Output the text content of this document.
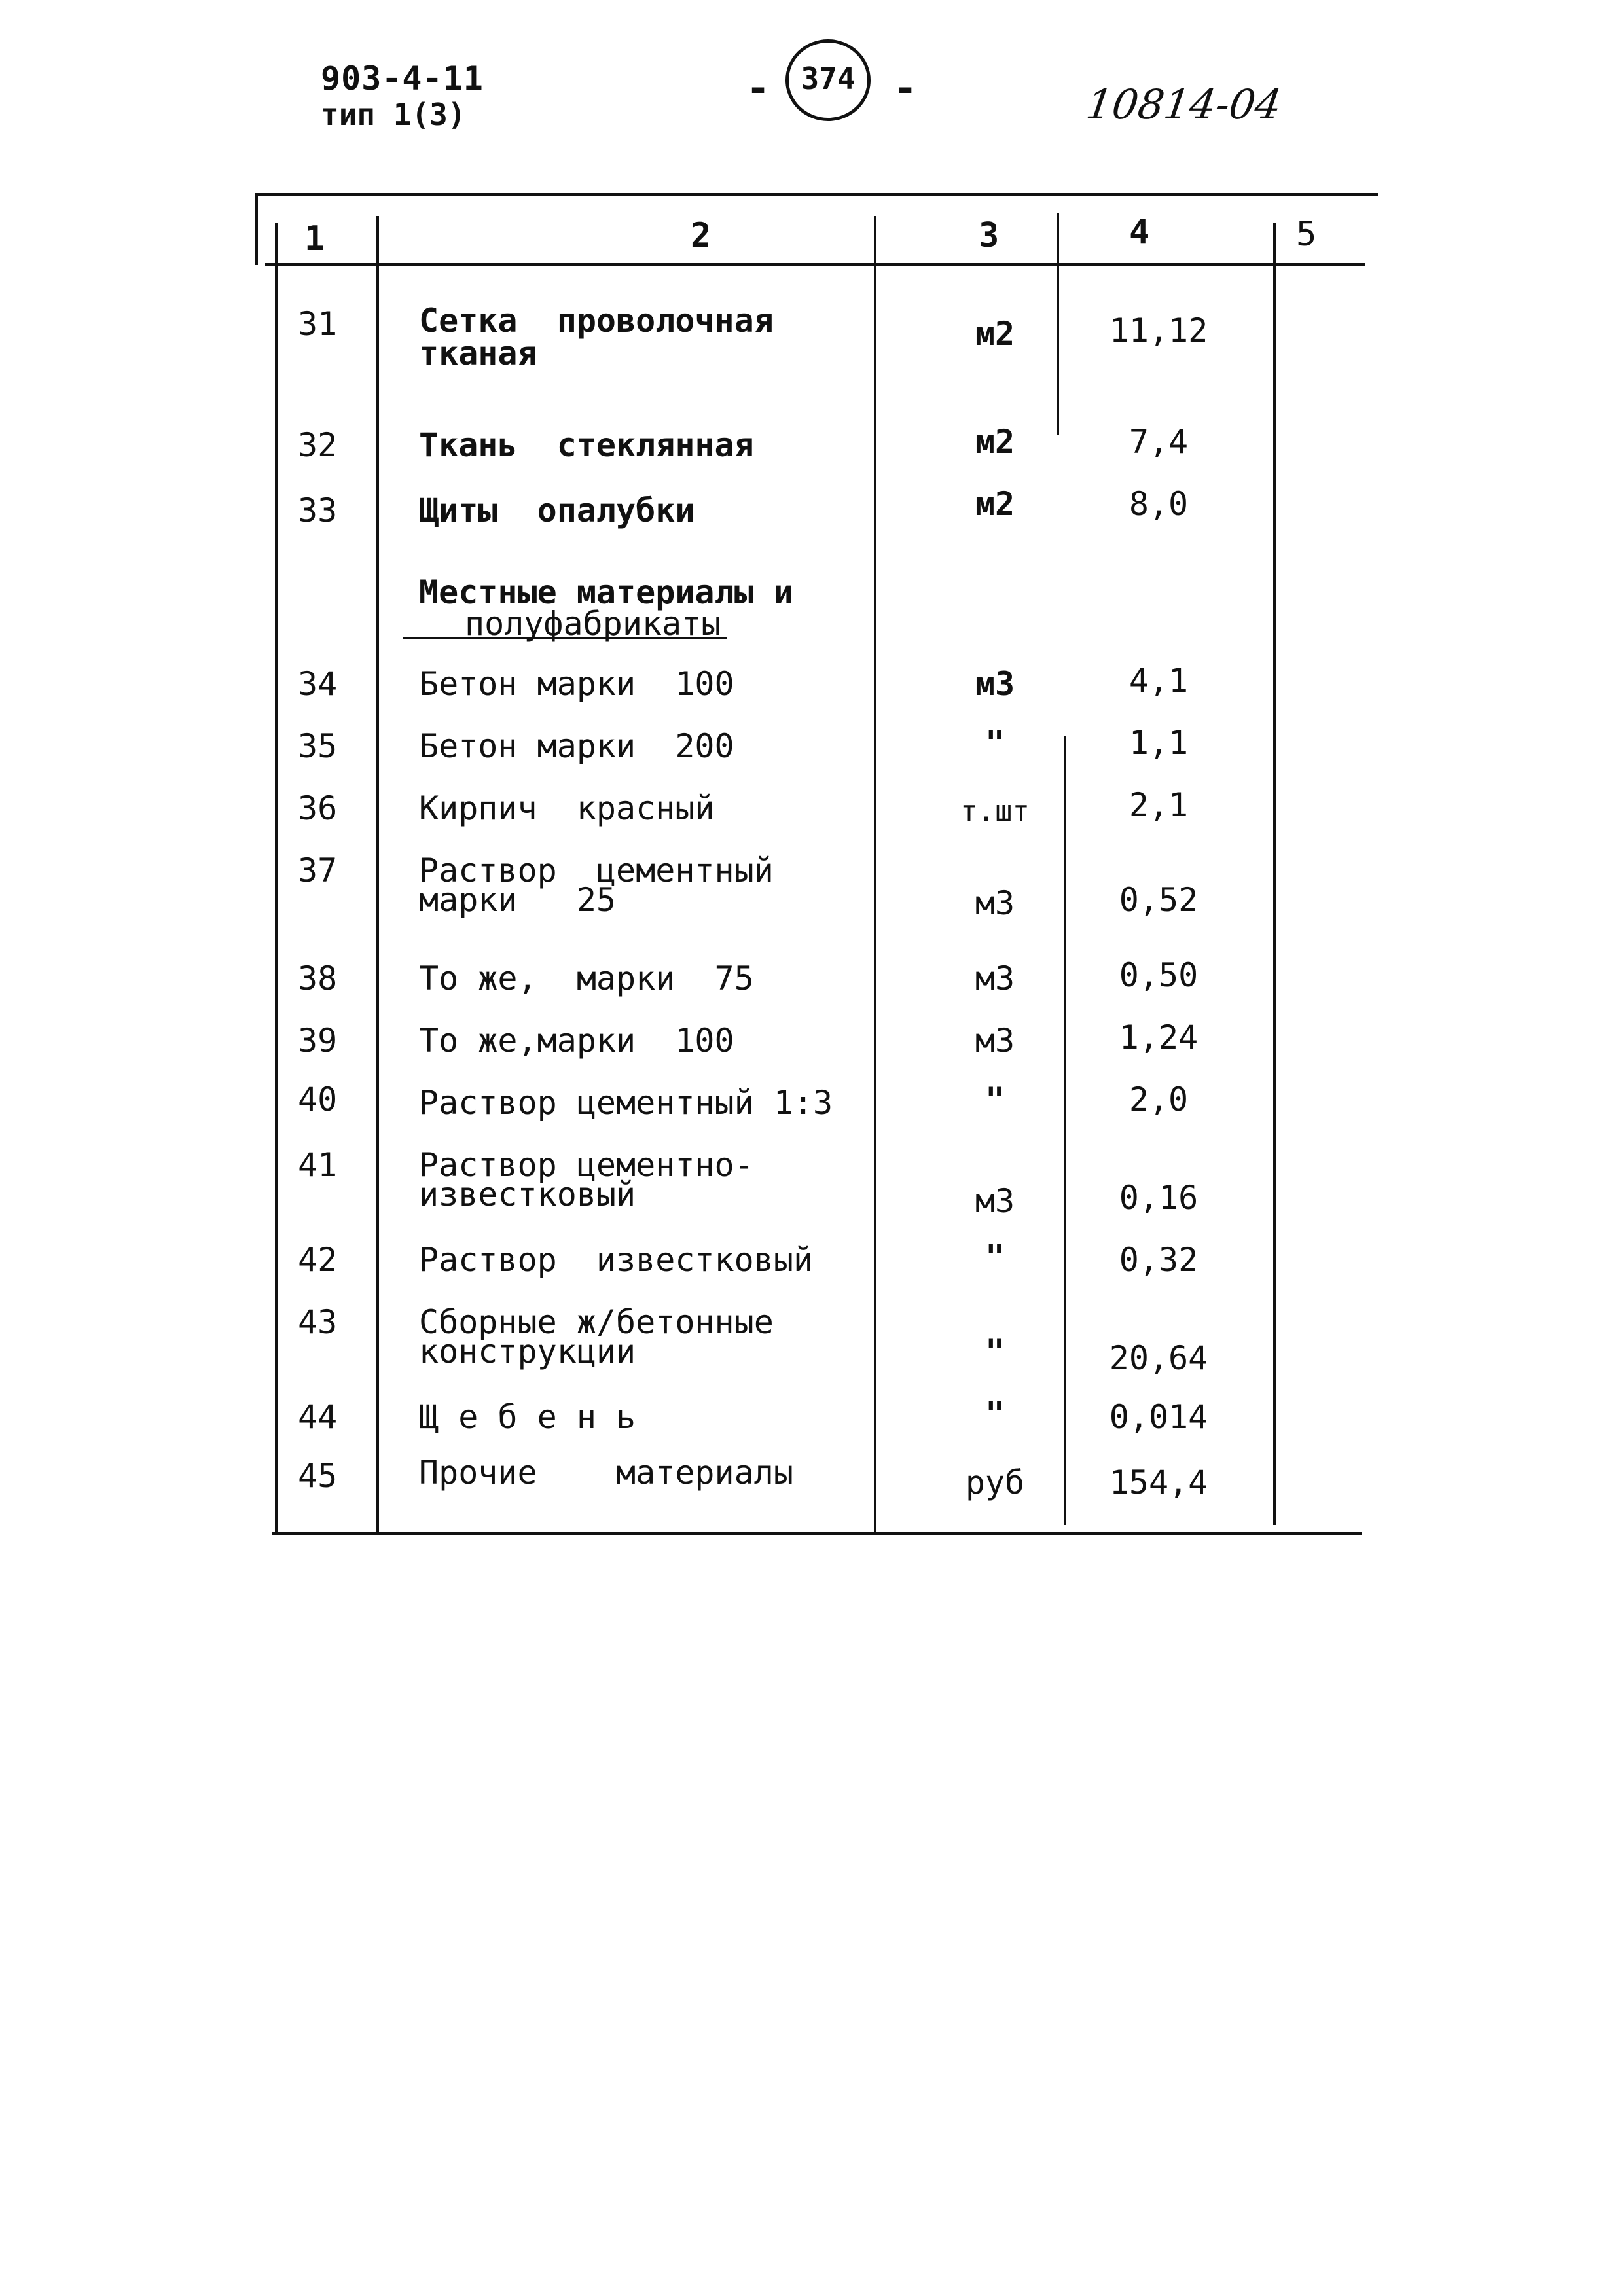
903-4-11
тип 1(3)
-	374 -	10814-04
1	2	3	4	5
31	Сетка  проволочная
тканая
м2	11,12
32	Ткань  стеклянная	м2	7,4
33	Щиты  опалубки	м2	8,0
Местные материалы и
полуфабрикаты
34	Бетон марки  100	м3	4,1
35	Бетон марки  200	"	1,1
36	Кирпич  красный	т.шт	2,1
37	Раствор  цементный
марки   25	м3	0,52
38	То же,  марки  75	м3	0,50
39	То же,марки  100	м3	1,24
40	Раствор цементный 1:3	"	2,0
41	Раствор цементно-
известковый	м3	0,16
42	Раствор  известковый	"	0,32
43	Сборные ж/бетонные
конструкции	"	20,64
44	Щ е б е н ь	"	0,014
45	Прочие    материалы	руб	154,4
